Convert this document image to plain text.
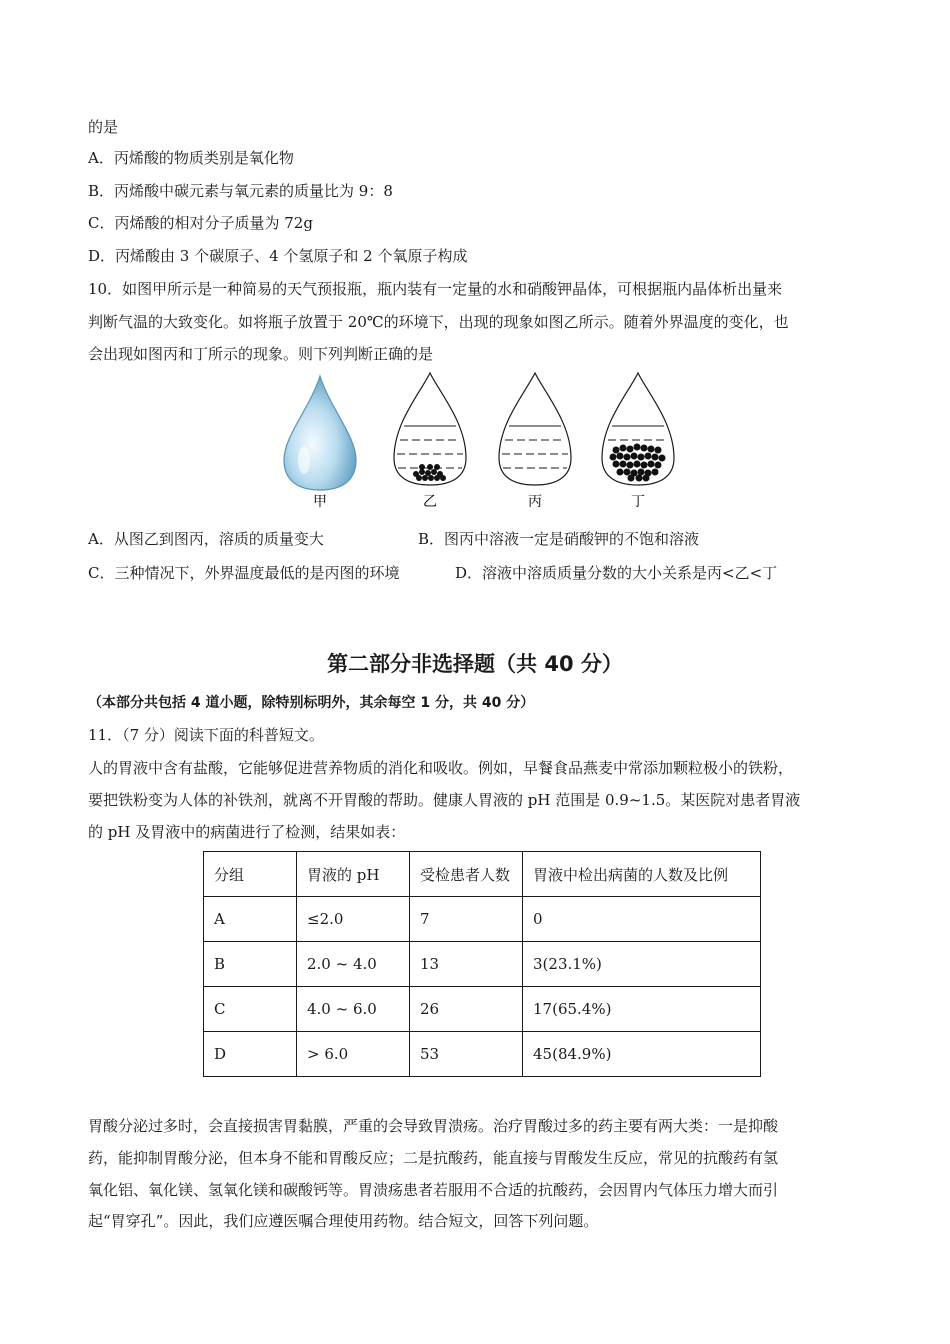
的是
A．丙烯酸的物质类别是氧化物
B．丙烯酸中碳元素与氧元素的质量比为 9：8
C．丙烯酸的相对分子质量为 72g
D．丙烯酸由 3 个碳原子、4 个氢原子和 2 个氧原子构成
10．如图甲所示是一种简易的天气预报瓶，瓶内装有一定量的水和硝酸钾晶体，可根据瓶内晶体析出量来
判断气温的大致变化。如将瓶子放置于 20℃的环境下，出现的现象如图乙所示。随着外界温度的变化，也
会出现如图丙和丁所示的现象。则下列判断正确的是
甲	乙	丙	丁
A．从图乙到图丙，溶质的质量变大	B．图丙中溶液一定是硝酸钾的不饱和溶液
C．三种情况下，外界温度最低的是丙图的环境	D．溶液中溶质质量分数的大小关系是丙<乙<丁
第二部分非选择题（共 40 分）
（本部分共包括 4 道小题，除特别标明外，其余每空 1 分，共 40 分）
11．（7 分）阅读下面的科普短文。
人的胃液中含有盐酸，它能够促进营养物质的消化和吸收。例如，早餐食品燕麦中常添加颗粒极小的铁粉，
要把铁粉变为人体的补铁剂，就离不开胃酸的帮助。健康人胃液的 pH 范围是 0.9~1.5。某医院对患者胃液
的 pH 及胃液中的病菌进行了检测，结果如表：
分组	胃液的 pH	受检患者人数	胃液中检出病菌的人数及比例
A	≤2.0	7	0
B	2.0 ~ 4.0	13	3(23.1%)
C	4.0 ~ 6.0	26	17(65.4%)
D	> 6.0	53	45(84.9%)
胃酸分泌过多时，会直接损害胃黏膜，严重的会导致胃溃疡。治疗胃酸过多的药主要有两大类：一是抑酸
药，能抑制胃酸分泌，但本身不能和胃酸反应；二是抗酸药，能直接与胃酸发生反应，常见的抗酸药有氢
氧化铝、氧化镁、氢氧化镁和碳酸钙等。胃溃疡患者若服用不合适的抗酸药，会因胃内气体压力增大而引
起“胃穿孔”。因此，我们应遵医嘱合理使用药物。结合短文，回答下列问题。
